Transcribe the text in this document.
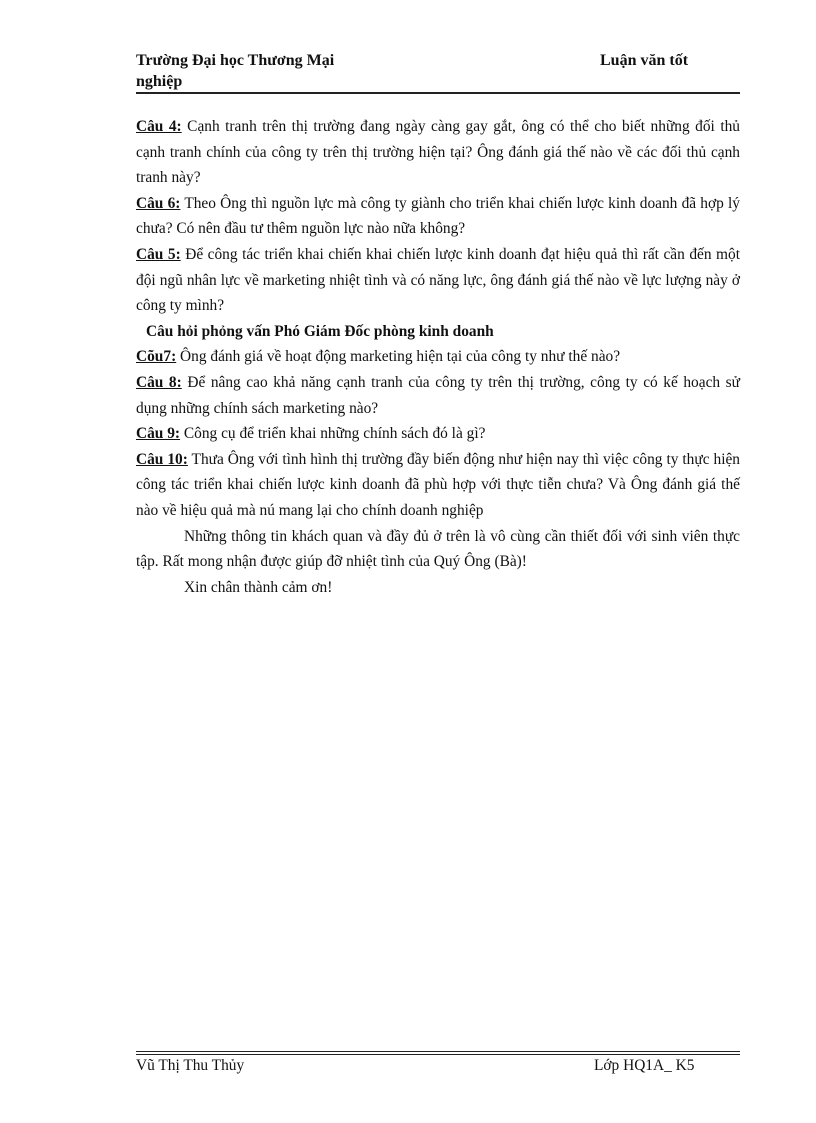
Trường Đại học Thương Mại
nghiệp
Luận văn tốt

Câu 4: Cạnh tranh trên thị trường đang ngày càng gay gắt, ông có thể cho biết những đối thủ cạnh tranh chính của công ty trên thị trường hiện tại? Ông đánh giá thế nào về các đối thủ cạnh tranh này?

Câu 6: Theo Ông thì nguồn lực mà công ty giành cho triển khai chiến lược kinh doanh đã hợp lý chưa? Có nên đầu tư thêm nguồn lực nào nữa không?

Câu 5: Để công tác triển khai chiến khai chiến lược kinh doanh đạt hiệu quả thì rất cần đến một đội ngũ nhân lực về marketing nhiệt tình và có năng lực, ông đánh giá thế nào về lực lượng này ở công ty mình?

Câu hỏi phỏng vấn Phó Giám Đốc phòng kinh doanh

Cõu7: Ông đánh giá về hoạt động marketing hiện tại của công ty như thế nào?

Câu 8: Để nâng cao khả năng cạnh tranh của công ty trên thị trường, công ty có kế hoạch sử dụng những chính sách marketing nào?

Câu 9: Công cụ để triển khai những chính sách đó là gì?

Câu 10: Thưa Ông với tình hình thị trường đầy biến động như hiện nay thì việc công ty thực hiện công tác triển khai chiến lược kinh doanh đã phù hợp với thực tiễn chưa? Và Ông đánh giá thế nào về hiệu quả mà nú mang lại cho chính doanh nghiệp

Những thông tin khách quan và đầy đủ ở trên là vô cùng cần thiết đối với sinh viên thực tập. Rất mong nhận được giúp đỡ nhiệt tình của Quý Ông (Bà)!

Xin chân thành cảm ơn!

Vũ Thị Thu Thủy	Lớp HQ1A_ K5
